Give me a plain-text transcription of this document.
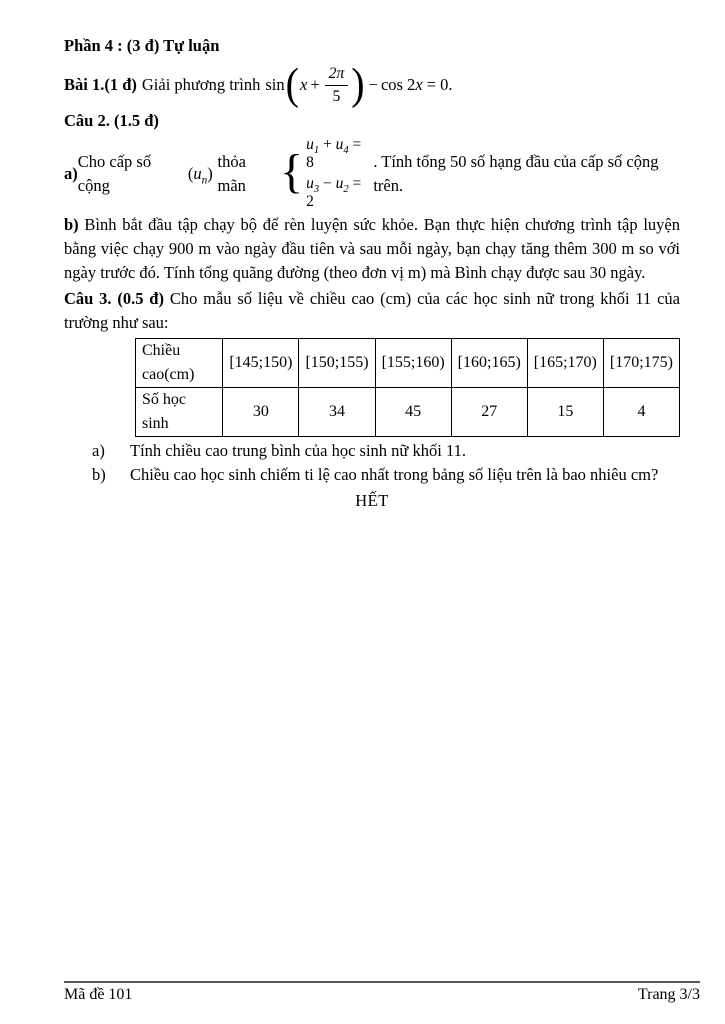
Phần 4 : (3 đ) Tự luận
Bài 1.(1 đ) Giải phương trình sin ( $x + \frac{2\pi}{5}$ ) − cos 2 x = 0.
Câu 2. (1.5 đ)
a)
Cho cấp số cộng
$(u_n)$
thỏa mãn {
$u_1 + u_4 = 8$
$u_3 - u_2 = 2$
. Tính tổng 50 số hạng đầu của cấp số cộng trên.

b) Bình bắt đầu tập chạy bộ để rèn luyện sức khỏe. Bạn thực hiện chương trình tập luyện bằng việc chạy 900 m vào ngày đầu tiên và sau mỗi ngày, bạn chạy tăng thêm 300 m so với ngày trước đó. Tính tổng quãng đường (theo đơn vị m) mà Bình chạy được sau 30 ngày.

Câu 3. (0.5 đ) Cho mẫu số liệu về chiều cao (cm) của các học sinh nữ trong khối 11 của trường như sau:

Chiều cao(cm)	[145;150)	[150;155)	[155;160)	[160;165)	[165;170)	[170;175)
Số học sinh	30	34	45	27	15	4
a)	Tính chiều cao trung bình của học sinh nữ khối 11.
b)	Chiều cao học sinh chiếm ti lệ cao nhất trong bảng số liệu trên là bao nhiêu cm?
HẾT
Mã đề 101	Trang 3/3
